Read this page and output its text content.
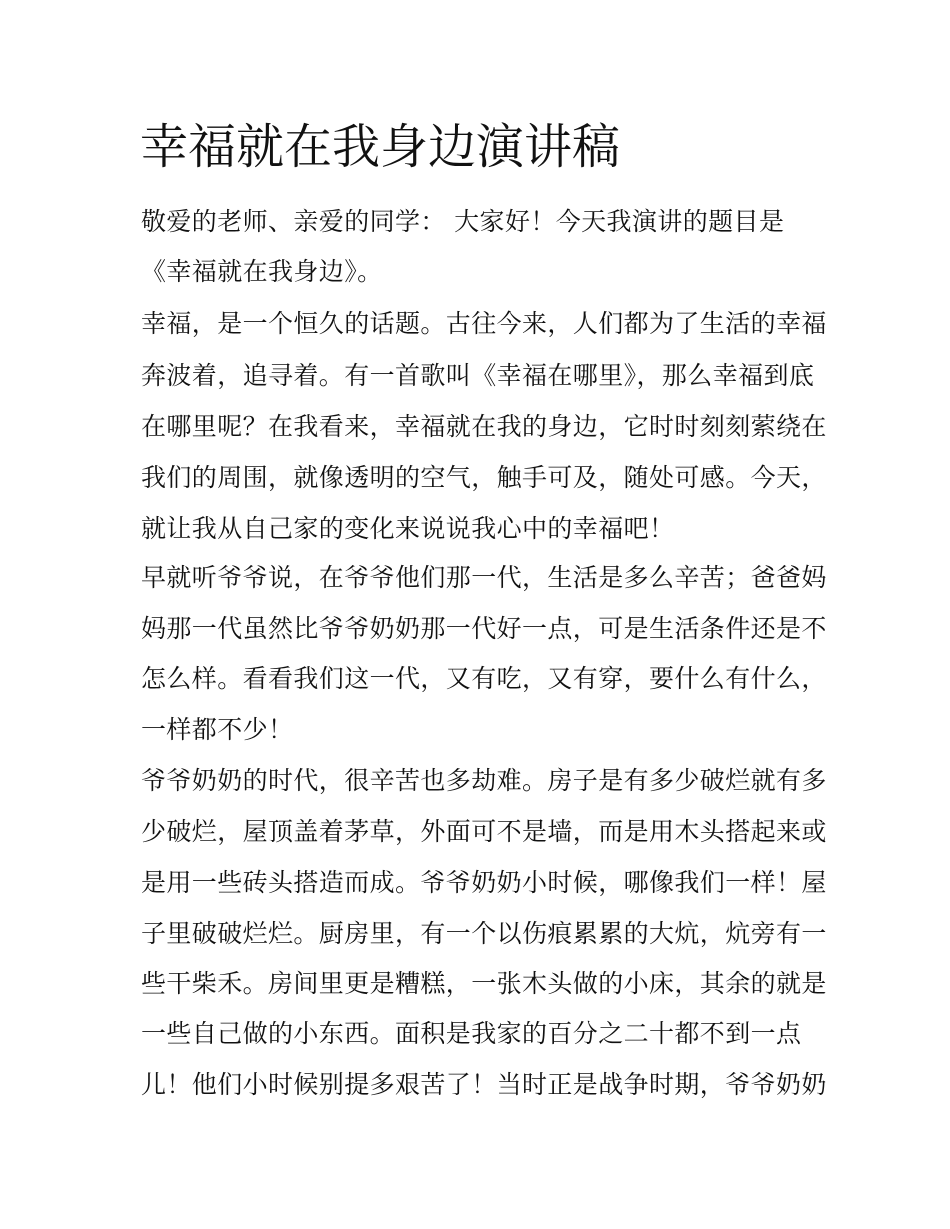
幸福就在我身边演讲稿
敬爱的老师、亲爱的同学： 大家好！今天我演讲的题目是
《幸福就在我身边》。
幸福，是一个恒久的话题。古往今来，人们都为了生活的幸福
奔波着，追寻着。有一首歌叫《幸福在哪里》，那么幸福到底
在哪里呢？在我看来，幸福就在我的身边，它时时刻刻萦绕在
我们的周围，就像透明的空气，触手可及，随处可感。今天，
就让我从自己家的变化来说说我心中的幸福吧！
早就听爷爷说，在爷爷他们那一代，生活是多么辛苦；爸爸妈
妈那一代虽然比爷爷奶奶那一代好一点，可是生活条件还是不
怎么样。看看我们这一代，又有吃，又有穿，要什么有什么，
一样都不少！
爷爷奶奶的时代，很辛苦也多劫难。房子是有多少破烂就有多
少破烂，屋顶盖着茅草，外面可不是墙，而是用木头搭起来或
是用一些砖头搭造而成。爷爷奶奶小时候，哪像我们一样！屋
子里破破烂烂。厨房里，有一个以伤痕累累的大炕，炕旁有一
些干柴禾。房间里更是糟糕，一张木头做的小床，其余的就是
一些自己做的小东西。面积是我家的百分之二十都不到一点
儿！他们小时候别提多艰苦了！当时正是战争时期，爷爷奶奶
